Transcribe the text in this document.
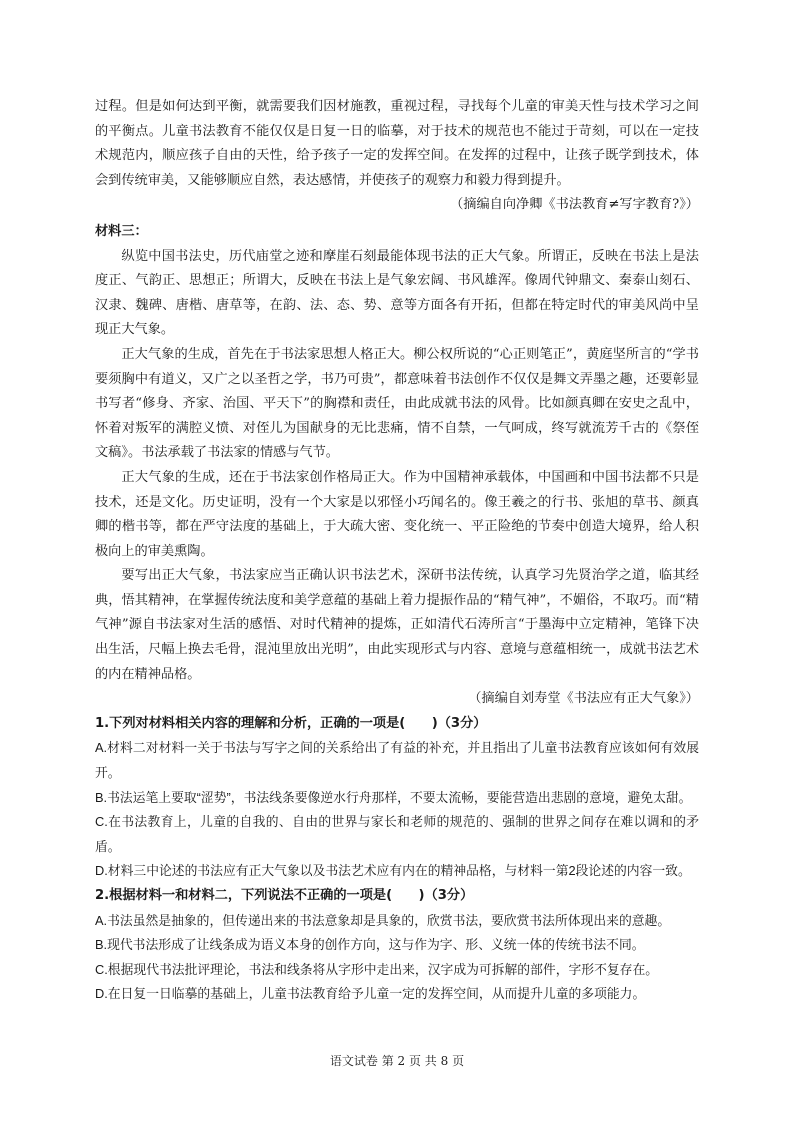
过程。但是如何达到平衡，就需要我们因材施教，重视过程，寻找每个儿童的审美天性与技术学习之间的平衡点。儿童书法教育不能仅仅是日复一日的临摹，对于技术的规范也不能过于苛刻，可以在一定技术规范内，顺应孩子自由的天性，给予孩子一定的发挥空间。在发挥的过程中，让孩子既学到技术，体会到传统审美，又能够顺应自然，表达感情，并使孩子的观察力和毅力得到提升。

（摘编自向净卿《书法教育≠写字教育?》）

材料三：

纵览中国书法史，历代庙堂之迹和摩崖石刻最能体现书法的正大气象。所谓正，反映在书法上是法度正、气韵正、思想正；所谓大，反映在书法上是气象宏阔、书风雄浑。像周代钟鼎文、秦泰山刻石、汉隶、魏碑、唐楷、唐草等，在韵、法、态、势、意等方面各有开拓，但都在特定时代的审美风尚中呈现正大气象。

正大气象的生成，首先在于书法家思想人格正大。柳公权所说的“心正则笔正”，黄庭坚所言的“学书要须胸中有道义，又广之以圣哲之学，书乃可贵”，都意味着书法创作不仅仅是舞文弄墨之趣，还要彰显书写者“修身、齐家、治国、平天下”的胸襟和责任，由此成就书法的风骨。比如颜真卿在安史之乱中，怀着对叛军的满腔义愤、对侄儿为国献身的无比悲痛，情不自禁，一气呵成，终写就流芳千古的《祭侄文稿》。书法承载了书法家的情感与气节。

正大气象的生成，还在于书法家创作格局正大。作为中国精神承载体，中国画和中国书法都不只是技术，还是文化。历史证明，没有一个大家是以邪怪小巧闻名的。像王羲之的行书、张旭的草书、颜真卿的楷书等，都在严守法度的基础上，于大疏大密、变化统一、平正险绝的节奏中创造大境界，给人积极向上的审美熏陶。

要写出正大气象，书法家应当正确认识书法艺术，深研书法传统，认真学习先贤治学之道，临其经典，悟其精神，在掌握传统法度和美学意蕴的基础上着力提振作品的“精气神”，不媚俗，不取巧。而“精气神”源自书法家对生活的感悟、对时代精神的提炼，正如清代石涛所言“于墨海中立定精神，笔锋下决出生活，尺幅上换去毛骨，混沌里放出光明”，由此实现形式与内容、意境与意蕴相统一，成就书法艺术的内在精神品格。

（摘编自刘寿堂《书法应有正大气象》）

1.下列对材料相关内容的理解和分析，正确的一项是(　　)（3分）

A.材料二对材料一关于书法与写字之间的关系给出了有益的补充，并且指出了儿童书法教育应该如何有效展开。

B.书法运笔上要取“涩势”，书法线条要像逆水行舟那样，不要太流畅，要能营造出悲剧的意境，避免太甜。

C.在书法教育上，儿童的自我的、自由的世界与家长和老师的规范的、强制的世界之间存在难以调和的矛盾。

D.材料三中论述的书法应有正大气象以及书法艺术应有内在的精神品格，与材料一第2段论述的内容一致。

2.根据材料一和材料二，下列说法不正确的一项是(　　)（3分）

A.书法虽然是抽象的，但传递出来的书法意象却是具象的，欣赏书法，要欣赏书法所体现出来的意趣。

B.现代书法形成了让线条成为语义本身的创作方向，这与作为字、形、义统一体的传统书法不同。

C.根据现代书法批评理论，书法和线条将从字形中走出来，汉字成为可拆解的部件，字形不复存在。

D.在日复一日临摹的基础上，儿童书法教育给予儿童一定的发挥空间，从而提升儿童的多项能力。

语文试卷 第 2 页 共 8 页
